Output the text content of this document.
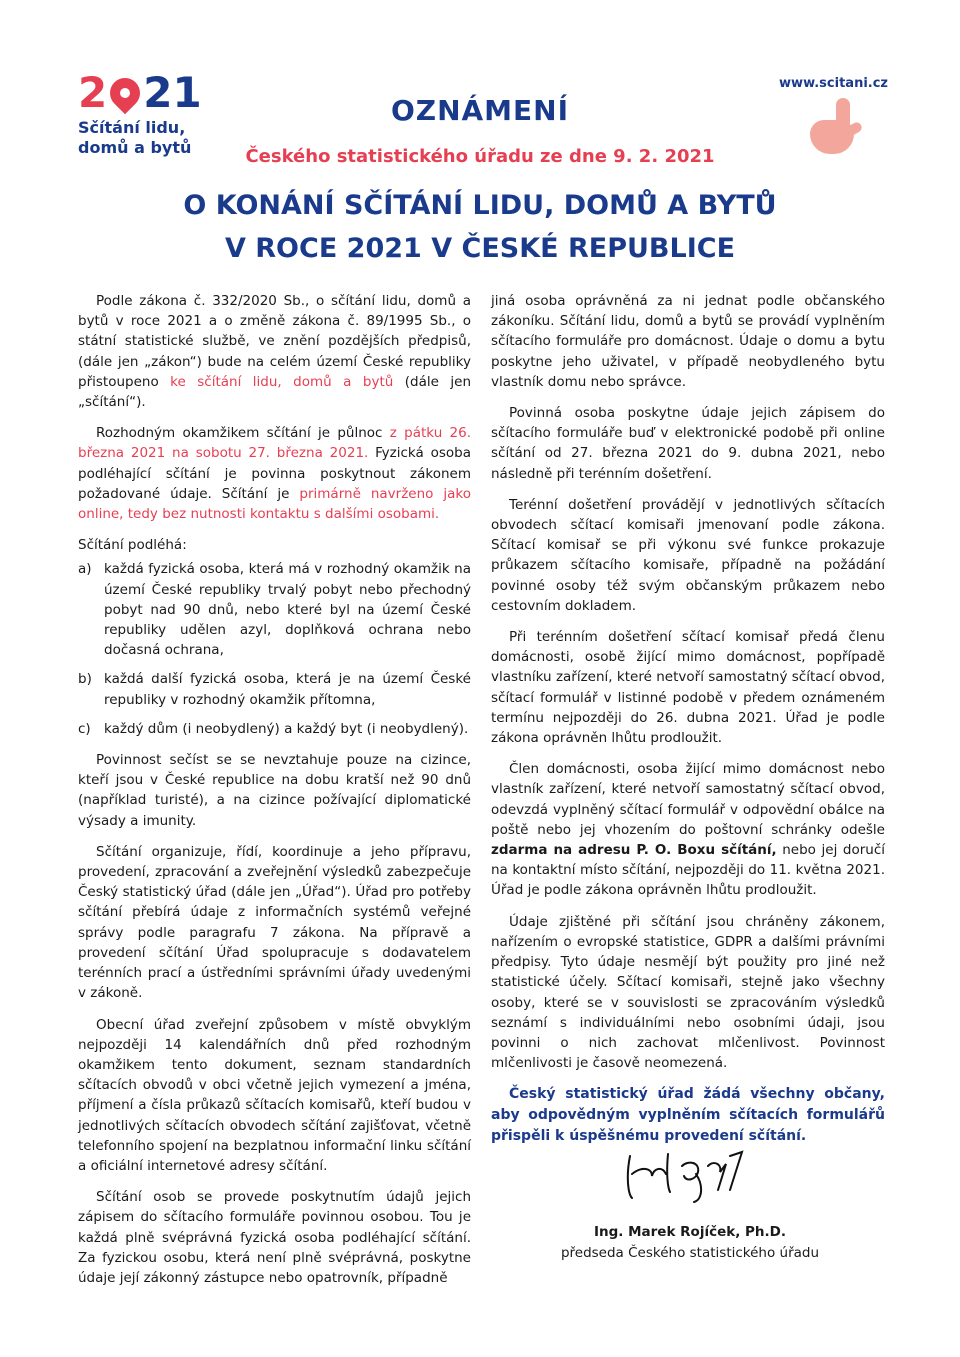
2 21
Sčítání lidu,
domů a bytů
www.scitani.cz
OZNÁMENÍ
Českého statistického úřadu ze dne 9. 2. 2021
O KONÁNÍ SČÍTÁNÍ LIDU, DOMŮ A BYTŮ
V ROCE 2021 V ČESKÉ REPUBLICE

Podle zákona č. 332/2020 Sb., o sčítání lidu, domů a bytů v roce 2021 a o změně zákona č. 89/1995 Sb., o státní statistické službě, ve znění pozdějších předpisů, (dále jen „zákon“) bude na celém území České republiky přistoupeno ke sčítání lidu, domů a bytů (dále jen „sčítání“).

Rozhodným okamžikem sčítání je půlnoc z pátku 26. března 2021 na sobotu 27. března 2021. Fyzická osoba podléhající sčítání je povinna poskytnout zákonem požadované údaje. Sčítání je primárně navrženo jako online, tedy bez nutnosti kontaktu s dalšími osobami.

Sčítání podléhá:

a) každá fyzická osoba, která má v rozhodný okamžik na území České republiky trvalý pobyt nebo přechodný pobyt nad 90 dnů, nebo které byl na území České republiky udělen azyl, doplňková ochrana nebo dočasná ochrana,
b) každá další fyzická osoba, která je na území České republiky v rozhodný okamžik přítomna,
c) každý dům (i neobydlený) a každý byt (i neobydlený).

Povinnost sečíst se se nevztahuje pouze na cizince, kteří jsou v České republice na dobu kratší než 90 dnů (například turisté), a na cizince požívající diplomatické výsady a imunity.

Sčítání organizuje, řídí, koordinuje a jeho přípravu, provedení, zpracování a zveřejnění výsledků zabezpečuje Český statistický úřad (dále jen „Úřad“). Úřad pro potřeby sčítání přebírá údaje z informačních systémů veřejné správy podle paragrafu 7 zákona. Na přípravě a provedení sčítání Úřad spolupracuje s dodavatelem terénních prací a ústředními správními úřady uvedenými v zákoně.

Obecní úřad zveřejní způsobem v místě obvyklým nejpozději 14 kalendářních dnů před rozhodným okamžikem tento dokument, seznam standardních sčítacích obvodů v obci včetně jejich vymezení a jména, příjmení a čísla průkazů sčítacích komisařů, kteří budou v jednotlivých sčítacích obvodech sčítání zajišťovat, včetně telefonního spojení na bezplatnou informační linku sčítání a oficiální internetové adresy sčítání.

Sčítání osob se provede poskytnutím údajů jejich zápisem do sčítacího formuláře povinnou osobou. Tou je každá plně svéprávná fyzická osoba podléhající sčítání. Za fyzickou osobu, která není plně svéprávná, poskytne údaje její zákonný zástupce nebo opatrovník, případně

jiná osoba oprávněná za ni jednat podle občanského zákoníku. Sčítání lidu, domů a bytů se provádí vyplněním sčítacího formuláře pro domácnost. Údaje o domu a bytu poskytne jeho uživatel, v případě neobydleného bytu vlastník domu nebo správce.

Povinná osoba poskytne údaje jejich zápisem do sčítacího formuláře buď v elektronické podobě při online sčítání od 27. března 2021 do 9. dubna 2021, nebo následně při terénním došetření.

Terénní došetření provádějí v jednotlivých sčítacích obvodech sčítací komisaři jmenovaní podle zákona. Sčítací komisař se při výkonu své funkce prokazuje průkazem sčítacího komisaře, případně na požádání povinné osoby též svým občanským průkazem nebo cestovním dokladem.

Při terénním došetření sčítací komisař předá členu domácnosti, osobě žijící mimo domácnost, popřípadě vlastníku zařízení, které netvoří samostatný sčítací obvod, sčítací formulář v listinné podobě v předem oznámeném termínu nejpozději do 26. dubna 2021. Úřad je podle zákona oprávněn lhůtu prodloužit.

Člen domácnosti, osoba žijící mimo domácnost nebo vlastník zařízení, které netvoří samostatný sčítací obvod, odevzdá vyplněný sčítací formulář v odpovědní obálce na poště nebo jej vhozením do poštovní schránky odešle zdarma na adresu P. O. Boxu sčítání, nebo jej doručí na kontaktní místo sčítání, nejpozději do 11. května 2021. Úřad je podle zákona oprávněn lhůtu prodloužit.

Údaje zjištěné při sčítání jsou chráněny zákonem, nařízením o evropské statistice, GDPR a dalšími právními předpisy. Tyto údaje nesmějí být použity pro jiné než statistické účely. Sčítací komisaři, stejně jako všechny osoby, které se v souvislosti se zpracováním výsledků seznámí s individuálními nebo osobními údaji, jsou povinni o nich zachovat mlčenlivost. Povinnost mlčenlivosti je časově neomezená.

Český statistický úřad žádá všechny občany, aby odpovědným vyplněním sčítacích formulářů přispěli k úspěšnému provedení sčítání.
Ing. Marek Rojíček, Ph.D.
předseda Českého statistického úřadu
